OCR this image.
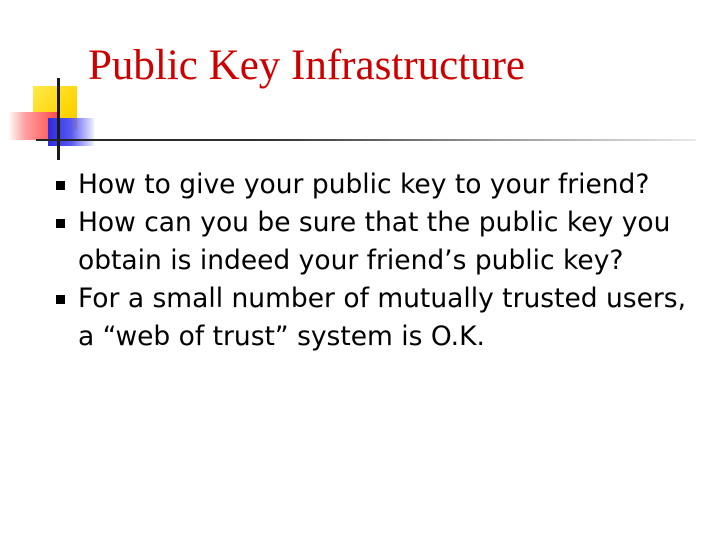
Public Key Infrastructure
How to give your public key to your friend?
How can you be sure that the public key you obtain is indeed your friend’s public key?
For a small number of mutually trusted users, a “web of trust” system is O.K.
